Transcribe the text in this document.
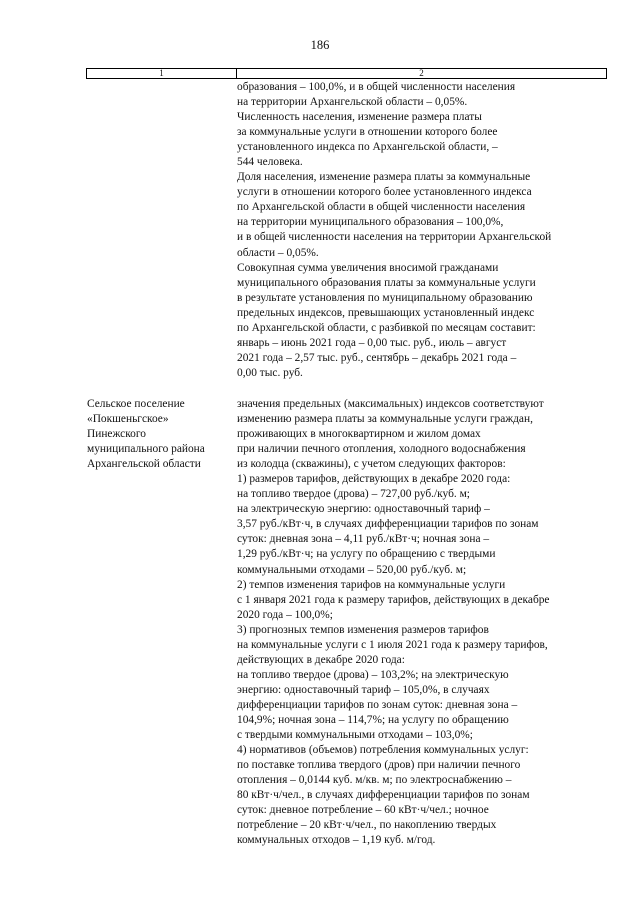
186
1	2
образования – 100,0%, и в общей численности населения
на территории Архангельской области – 0,05%.
Численность населения, изменение размера платы
за коммунальные услуги в отношении которого более
установленного индекса по Архангельской области, –
544 человека.
Доля населения, изменение размера платы за коммунальные
услуги в отношении которого более установленного индекса
по Архангельской области в общей численности населения
на территории муниципального образования – 100,0%,
и в общей численности населения на территории Архангельской
области – 0,05%.
Совокупная сумма увеличения вносимой гражданами
муниципального образования платы за коммунальные услуги
в результате установления по муниципальному образованию
предельных индексов, превышающих установленный индекс
по Архангельской области, с разбивкой по месяцам составит:
январь – июнь 2021 года – 0,00 тыс. руб., июль – август
2021 года – 2,57 тыс. руб., сентябрь – декабрь 2021 года –
0,00 тыс. руб.
Сельское поселение
«Покшеньгское»
Пинежского
муниципального района
Архангельской области
значения предельных (максимальных) индексов соответствуют
изменению размера платы за коммунальные услуги граждан,
проживающих в многоквартирном и жилом домах
при наличии печного отопления, холодного водоснабжения
из колодца (скважины), с учетом следующих факторов:
1) размеров тарифов, действующих в декабре 2020 года:
на топливо твердое (дрова) – 727,00 руб./куб. м;
на электрическую энергию: одноставочный тариф –
3,57 руб./кВт·ч, в случаях дифференциации тарифов по зонам
суток: дневная зона – 4,11 руб./кВт·ч; ночная зона –
1,29 руб./кВт·ч; на услугу по обращению с твердыми
коммунальными отходами – 520,00 руб./куб. м;
2) темпов изменения тарифов на коммунальные услуги
с 1 января 2021 года к размеру тарифов, действующих в декабре
2020 года – 100,0%;
3) прогнозных темпов изменения размеров тарифов
на коммунальные услуги с 1 июля 2021 года к размеру тарифов,
действующих в декабре 2020 года:
на топливо твердое (дрова) – 103,2%; на электрическую
энергию: одноставочный тариф – 105,0%, в случаях
дифференциации тарифов по зонам суток: дневная зона –
104,9%; ночная зона – 114,7%; на услугу по обращению
с твердыми коммунальными отходами – 103,0%;
4) нормативов (объемов) потребления коммунальных услуг:
по поставке топлива твердого (дров) при наличии печного
отопления – 0,0144 куб. м/кв. м; по электроснабжению –
80 кВт·ч/чел., в случаях дифференциации тарифов по зонам
суток: дневное потребление – 60 кВт·ч/чел.; ночное
потребление – 20 кВт·ч/чел., по накоплению твердых
коммунальных отходов – 1,19 куб. м/год.
